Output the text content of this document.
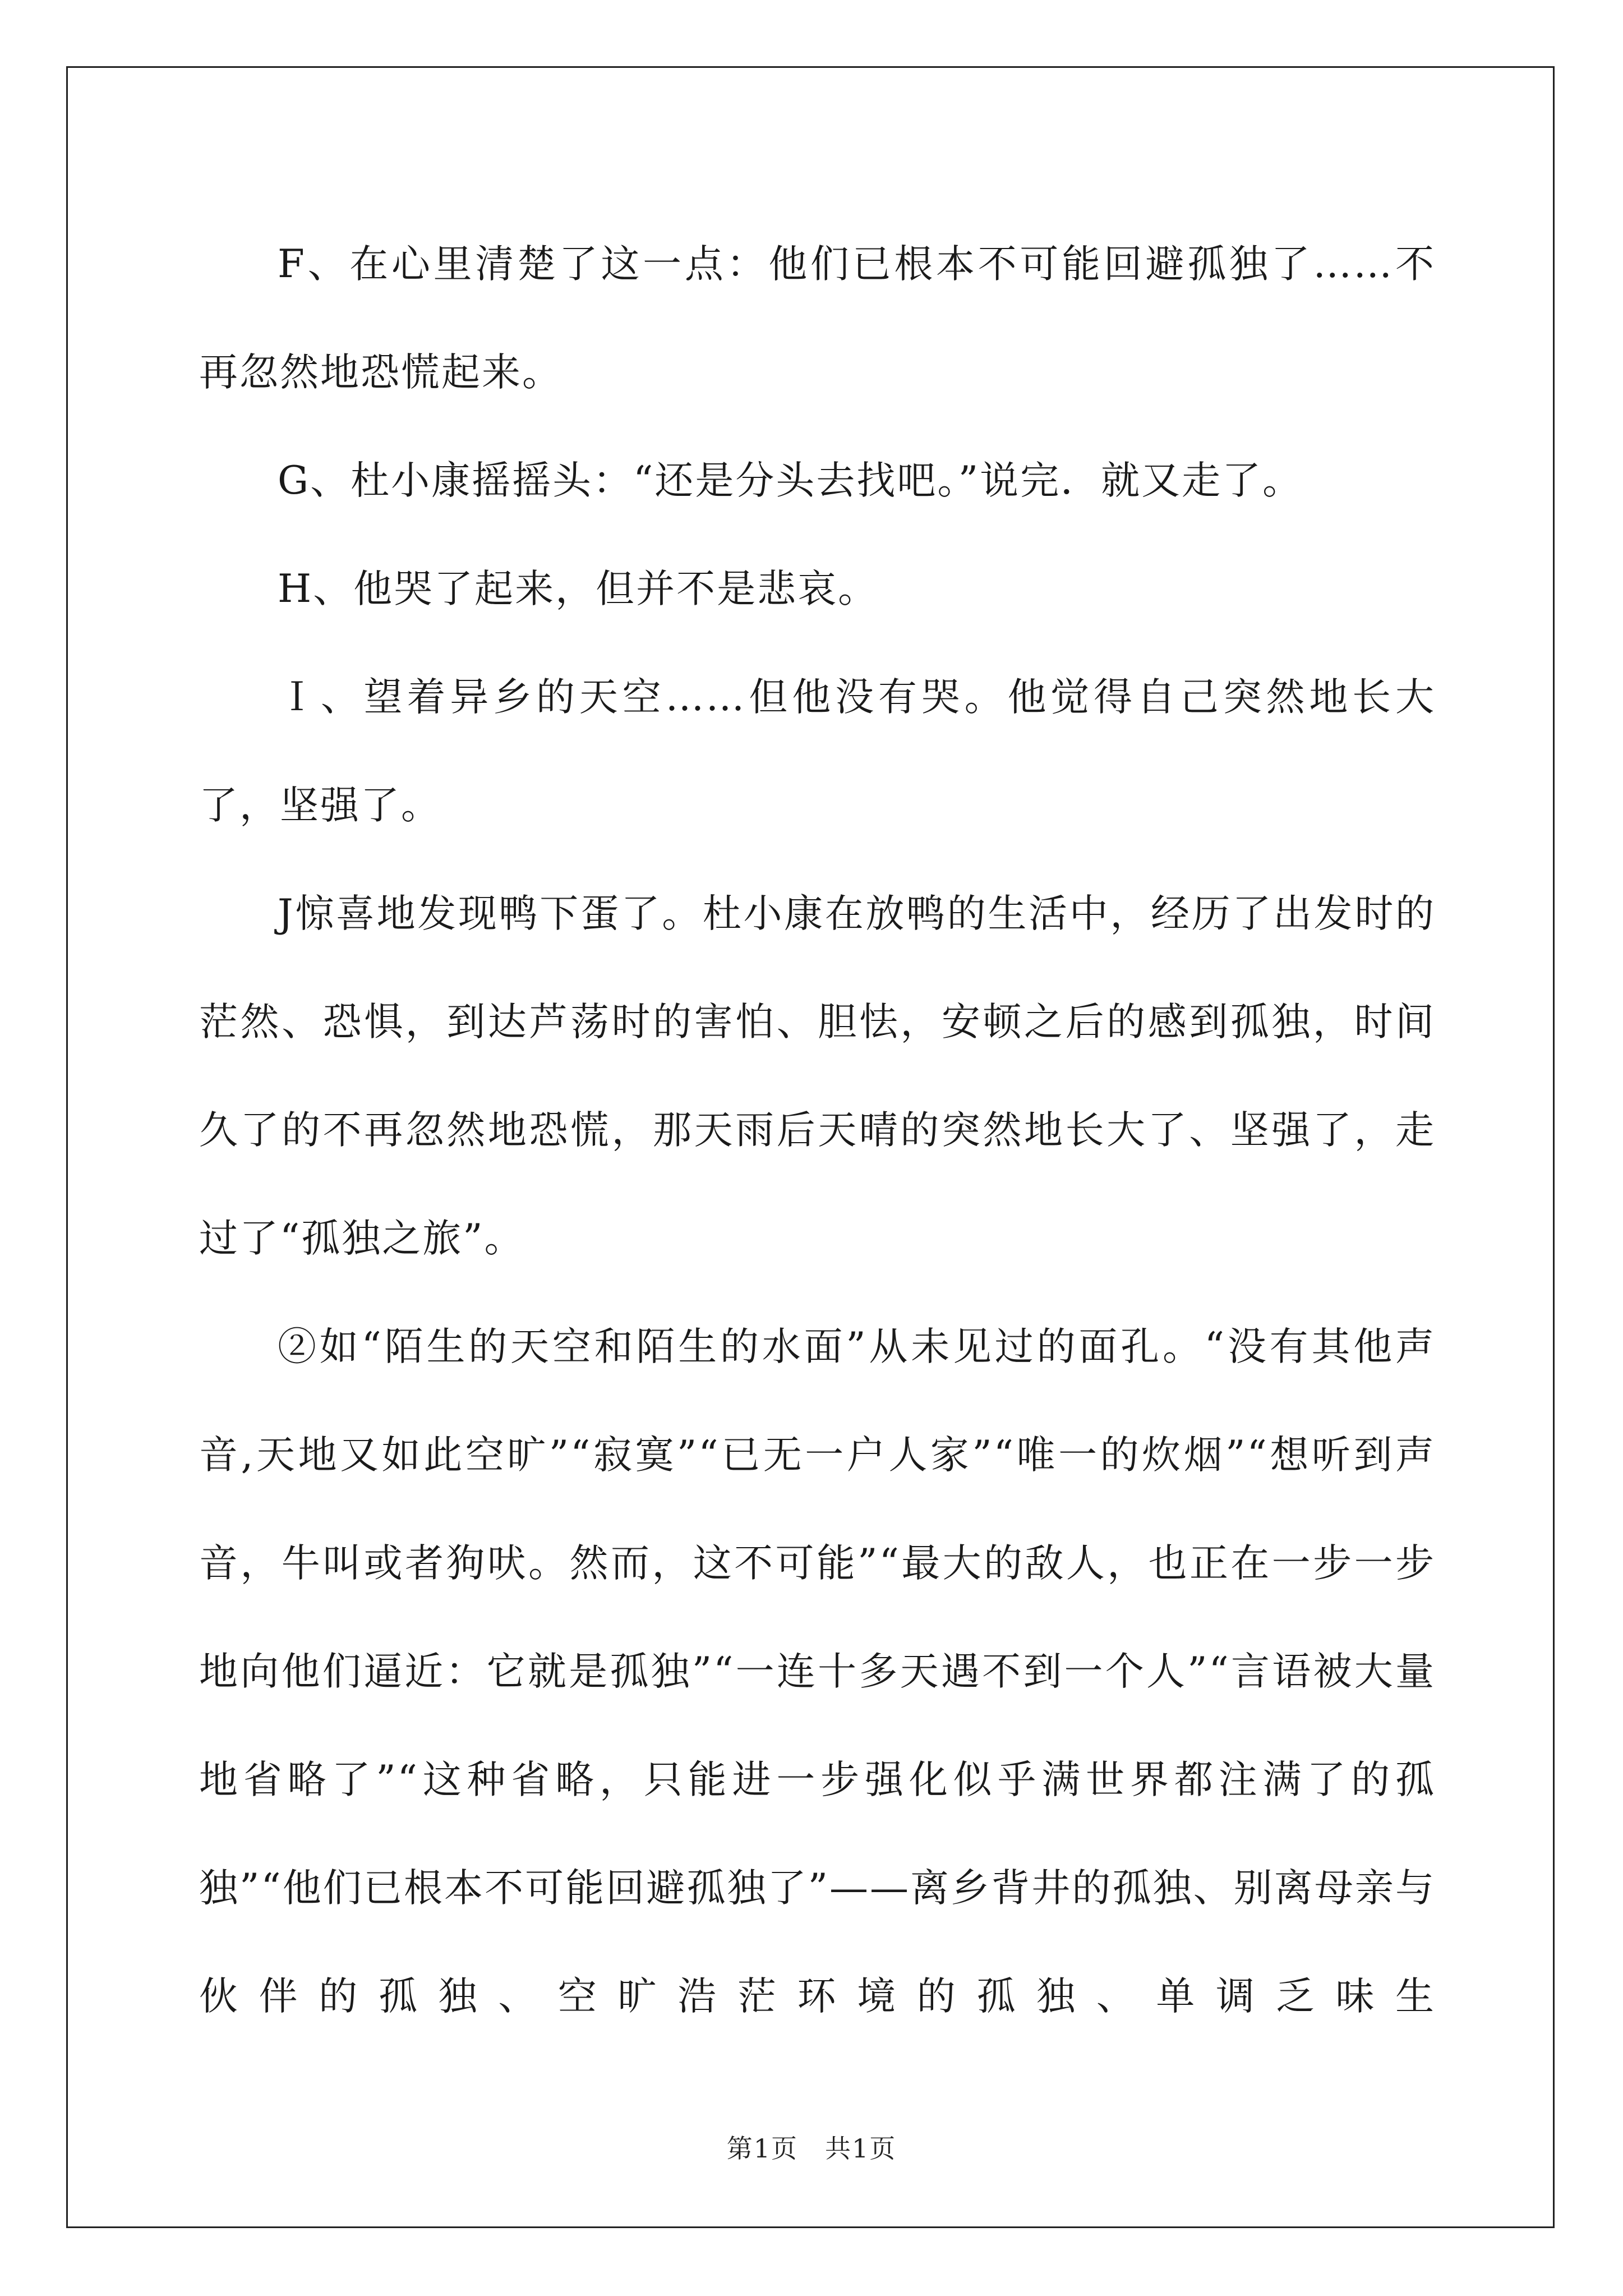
F、在心里清楚了这一点：他们已根本不可能回避孤独了……不再忽然地恐慌起来。

G、杜小康摇摇头：“还是分头去找吧。”说完．就又走了。

H、他哭了起来，但并不是悲哀。

Ｉ、望着异乡的天空……但他没有哭。他觉得自己突然地长大了，坚强了。

J惊喜地发现鸭下蛋了。杜小康在放鸭的生活中，经历了出发时的茫然、恐惧，到达芦荡时的害怕、胆怯，安顿之后的感到孤独，时间久了的不再忽然地恐慌，那天雨后天晴的突然地长大了、坚强了，走过了“孤独之旅”。

②如“陌生的天空和陌生的水面”从未见过的面孔。“没有其他声音,天地又如此空旷”“寂寞”“已无一户人家”“唯一的炊烟”“想听到声音，牛叫或者狗吠。然而，这不可能”“最大的敌人，也正在一步一步地向他们逼近：它就是孤独”“一连十多天遇不到一个人”“言语被大量地省略了”“这种省略，只能进一步强化似乎满世界都注满了的孤独”“他们已根本不可能回避孤独了”——离乡背井的孤独、别离母亲与伙伴的孤独、空旷浩茫环境的孤独、单调乏味生

第1页　共1页
